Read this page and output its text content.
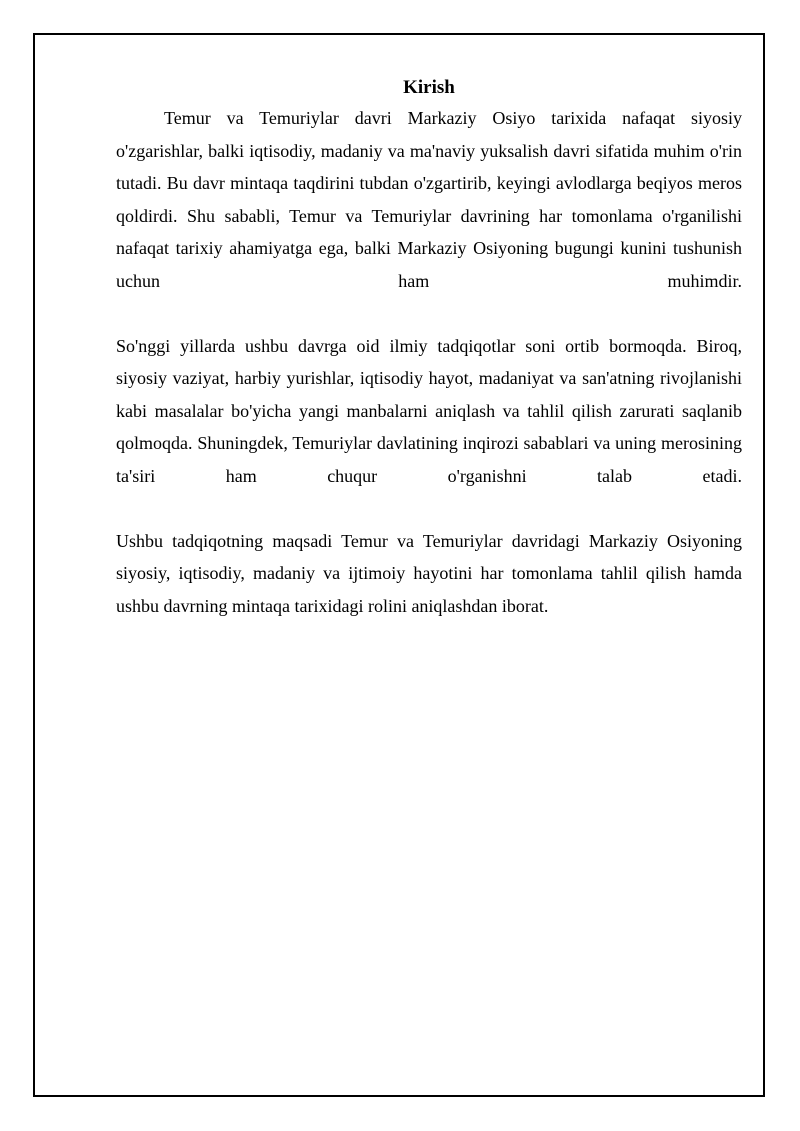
Kirish

Temur va Temuriylar davri Markaziy Osiyo tarixida nafaqat siyosiy o'zgarishlar, balki iqtisodiy, madaniy va ma'naviy yuksalish davri sifatida muhim o'rin tutadi. Bu davr mintaqa taqdirini tubdan o'zgartirib, keyingi avlodlarga beqiyos meros qoldirdi. Shu sababli, Temur va Temuriylar davrining har tomonlama o'rganilishi nafaqat tarixiy ahamiyatga ega, balki Markaziy Osiyoning bugungi kunini tushunish uchun ham muhimdir.

So'nggi yillarda ushbu davrga oid ilmiy tadqiqotlar soni ortib bormoqda. Biroq, siyosiy vaziyat, harbiy yurishlar, iqtisodiy hayot, madaniyat va san'atning rivojlanishi kabi masalalar bo'yicha yangi manbalarni aniqlash va tahlil qilish zarurati saqlanib qolmoqda. Shuningdek, Temuriylar davlatining inqirozi sabablari va uning merosining ta'siri ham chuqur o'rganishni talab etadi.

Ushbu tadqiqotning maqsadi Temur va Temuriylar davridagi Markaziy Osiyoning siyosiy, iqtisodiy, madaniy va ijtimoiy hayotini har tomonlama tahlil qilish hamda ushbu davrning mintaqa tarixidagi rolini aniqlashdan iborat.
